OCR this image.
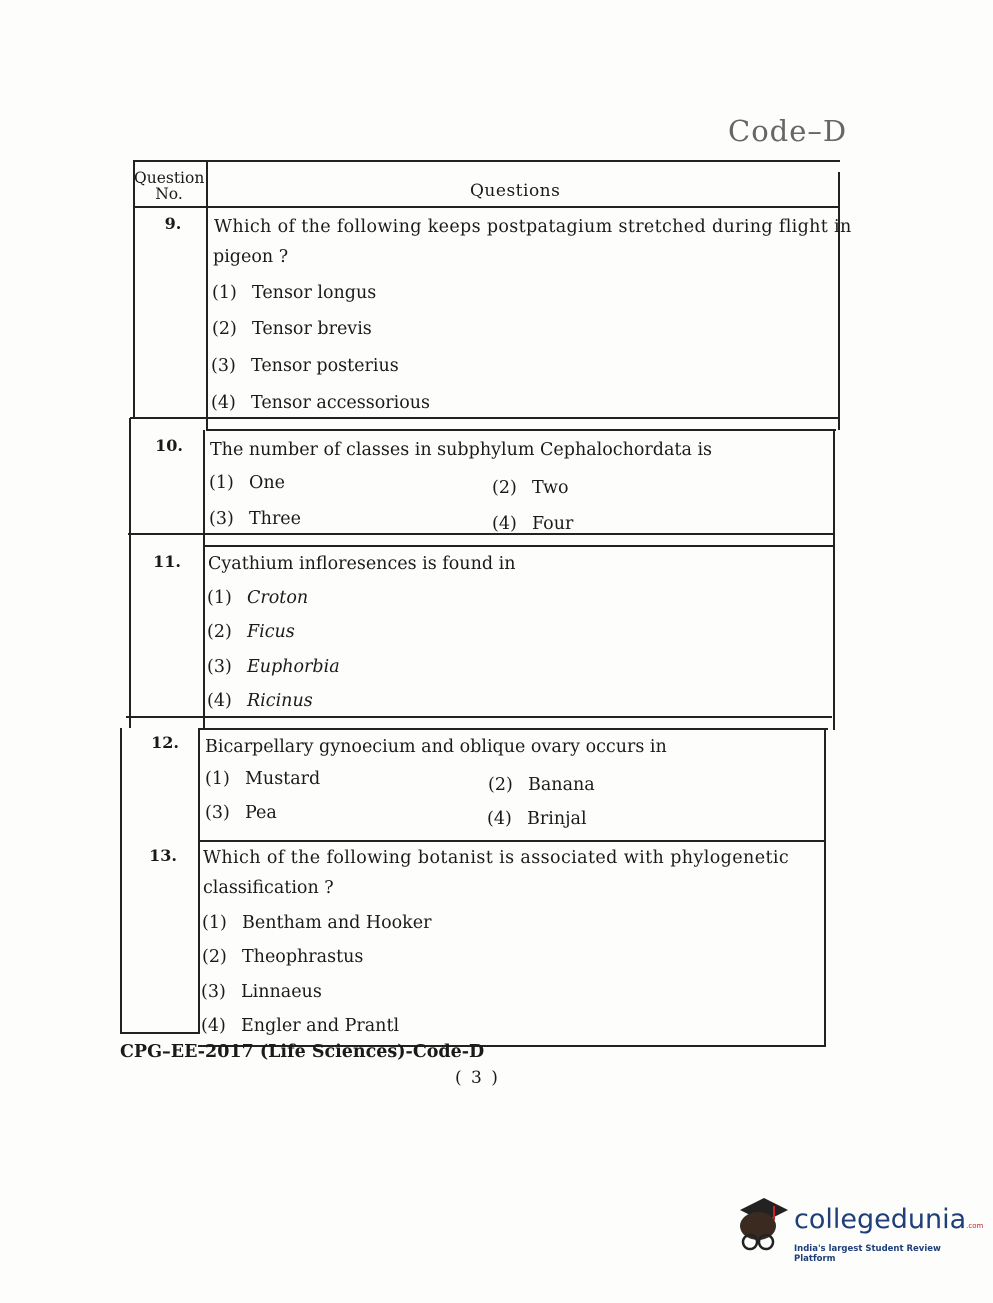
Code–D
Question
No.	Questions
9.	Which of the following keeps postpatagium stretched during flight in
pigeon ?
(1) Tensor longus
(2) Tensor brevis
(3) Tensor posterius
(4) Tensor accessorious
10.	The number of classes in subphylum Cephalochordata is
(1) One	(2) Two
(3) Three	(4) Four
11.	Cyathium infloresences is found in
(1) Croton
(2) Ficus
(3) Euphorbia
(4) Ricinus
12.	Bicarpellary gynoecium and oblique ovary occurs in
(1) Mustard	(2) Banana
(3) Pea	(4) Brinjal
13.	Which of the following botanist is associated with phylogenetic
classification ?
(1) Bentham and Hooker
(2) Theophrastus
(3) Linnaeus
(4) Engler and Prantl
CPG–EE-2017 (Life Sciences)-Code-D
( 3 )
collegedunia.com
India's largest Student Review Platform
